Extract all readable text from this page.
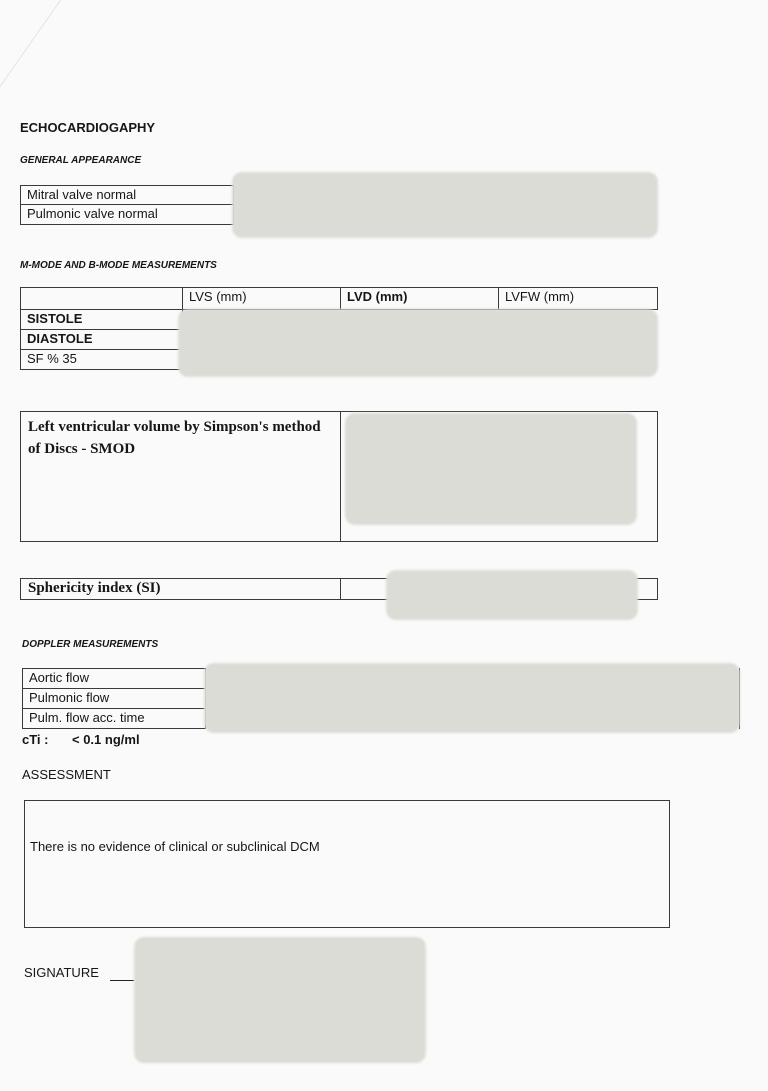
ECHOCARDIOGAPHY
GENERAL APPEARANCE
Mitral valve normal
Pulmonic valve normal
M-MODE AND B-MODE MEASUREMENTS
LVS (mm)	LVD (mm)	LVFW (mm)
SISTOLE
DIASTOLE
SF % 35
Left ventricular volume by Simpson's method of Discs - SMOD
Sphericity index (SI)
DOPPLER MEASUREMENTS
Aortic flow
Pulmonic flow
Pulm. flow acc. time
cTi : < 0.1 ng/ml
ASSESSMENT
There is no evidence of clinical or subclinical DCM
SIGNATURE
